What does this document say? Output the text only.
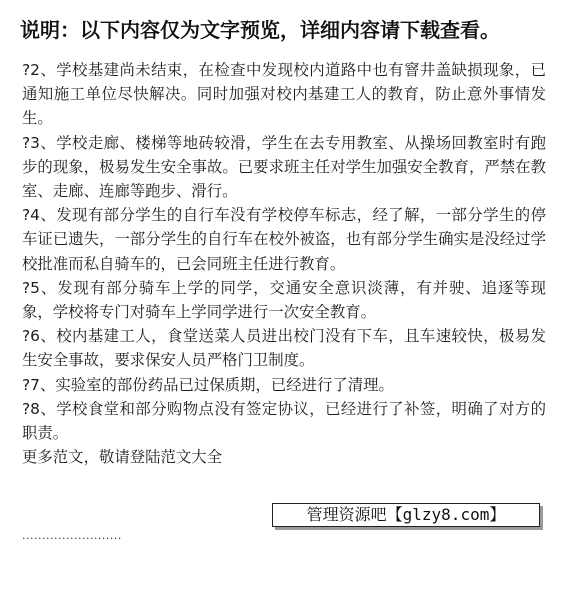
说明：以下内容仅为文字预览，详细内容请下载查看。

?2、学校基建尚未结束，在检查中发现校内道路中也有窨井盖缺损现象，已通知施工单位尽快解决。同时加强对校内基建工人的教育，防止意外事情发生。

?3、学校走廊、楼梯等地砖较滑，学生在去专用教室、从操场回教室时有跑步的现象，极易发生安全事故。已要求班主任对学生加强安全教育，严禁在教室、走廊、连廊等跑步、滑行。

?4、发现有部分学生的自行车没有学校停车标志，经了解，一部分学生的停车证已遗失，一部分学生的自行车在校外被盗，也有部分学生确实是没经过学校批准而私自骑车的，已会同班主任进行教育。

?5、发现有部分骑车上学的同学，交通安全意识淡薄，有并驶、追逐等现象，学校将专门对骑车上学同学进行一次安全教育。

?6、校内基建工人，食堂送菜人员进出校门没有下车，且车速较快，极易发生安全事故，要求保安人员严格门卫制度。

?7、实验室的部份药品已过保质期，已经进行了清理。

?8、学校食堂和部分购物点没有签定协议，已经进行了补签，明确了对方的职责。

更多范文，敬请登陆范文大全

管理资源吧【glzy8.com】
·························
